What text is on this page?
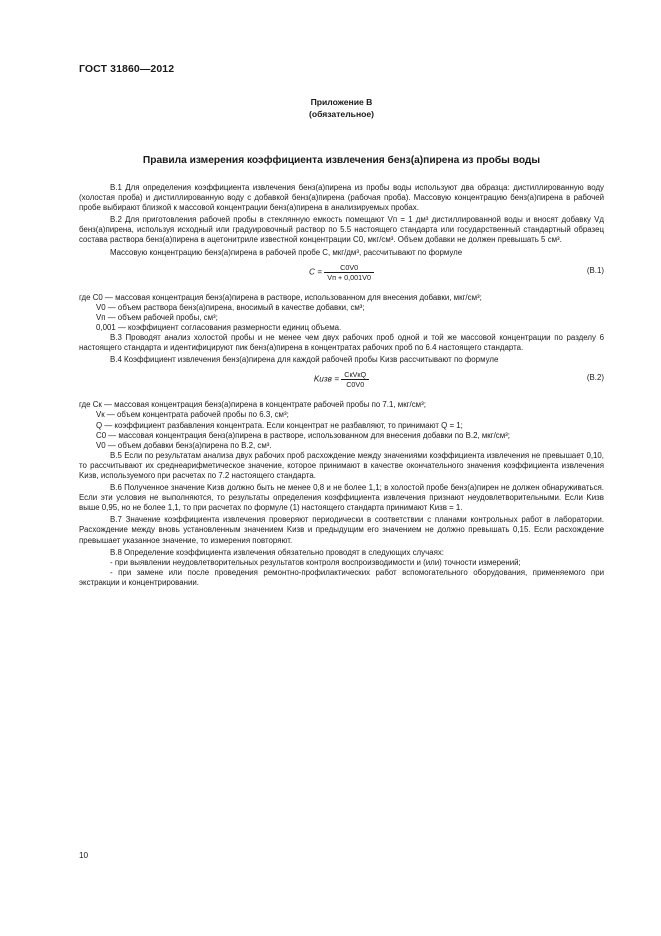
ГОСТ 31860—2012
Приложение В
(обязательное)
Правила измерения коэффициента извлечения бенз(а)пирена из пробы воды

В.1 Для определения коэффициента извлечения бенз(а)пирена из пробы воды используют два образца: дистиллированную воду (холостая проба) и дистиллированную воду с добавкой бенз(а)пирена (рабочая проба). Массовую концентрацию бенз(а)пирена в рабочей пробе выбирают близкой к массовой концентрации бенз(а)пирена в анализируемых пробах.

В.2 Для приготовления рабочей пробы в стеклянную емкость помещают Vп = 1 дм³ дистиллированной воды и вносят добавку Vд бенз(а)пирена, используя исходный или градуировочный раствор по 5.5 настоящего стандарта или государственный стандартный образец состава раствора бенз(а)пирена в ацетонитриле известной концентрации C0, мкг/см³. Объем добавки не должен превышать 5 см³.

Массовую концентрацию бенз(а)пирена в рабочей пробе C, мкг/дм³, рассчитывают по формуле

$C = \frac{C0V0}{Vп + 0,001V0}$	(В.1)
где C0 — массовая концентрация бенз(а)пирена в растворе, использованном для внесения добавки, мкг/см³;
V0 — объем раствора бенз(а)пирена, вносимый в качестве добавки, см³;
Vп — объем рабочей пробы, см³;
0,001 — коэффициент согласования размерности единиц объема.

В.3 Проводят анализ холостой пробы и не менее чем двух рабочих проб одной и той же массовой концентрации по разделу 6 настоящего стандарта и идентифицируют пик бенз(а)пирена в концентратах рабочих проб по 6.4 настоящего стандарта.

В.4 Коэффициент извлечения бенз(а)пирена для каждой рабочей пробы Kизв рассчитывают по формуле

Kизв = $\frac{\text{CкVкQ}}{C0V0}$	(В.2)
где Cк — массовая концентрация бенз(а)пирена в концентрате рабочей пробы по 7.1, мкг/см³;
Vк — объем концентрата рабочей пробы по 6.3, см³;
Q — коэффициент разбавления концентрата. Если концентрат не разбавляют, то принимают Q = 1;
C0 — массовая концентрация бенз(а)пирена в растворе, использованном для внесения добавки по В.2, мкг/см³;
V0 — объем добавки бенз(а)пирена по В.2, см³.

В.5 Если по результатам анализа двух рабочих проб расхождение между значениями коэффициента извлечения не превышает 0,10, то рассчитывают их среднеарифметическое значение, которое принимают в качестве окончательного значения коэффициента извлечения Kизв, используемого при расчетах по 7.2 настоящего стандарта.

В.6 Полученное значение Kизв должно быть не менее 0,8 и не более 1,1; в холостой пробе бенз(а)пирен не должен обнаруживаться. Если эти условия не выполняются, то результаты определения коэффициента извлечения признают неудовлетворительными. Если Kизв выше 0,95, но не более 1,1, то при расчетах по формуле (1) настоящего стандарта принимают Kизв = 1.

В.7 Значение коэффициента извлечения проверяют периодически в соответствии с планами контрольных работ в лаборатории. Расхождение между вновь установленным значением Kизв и предыдущим его значением не должно превышать 0,15. Если расхождение превышает указанное значение, то измерения повторяют.

В.8 Определение коэффициента извлечения обязательно проводят в следующих случаях:

- при выявлении неудовлетворительных результатов контроля воспроизводимости и (или) точности измерений;

- при замене или после проведения ремонтно-профилактических работ вспомогательного оборудования, применяемого при экстракции и концентрировании.

10
